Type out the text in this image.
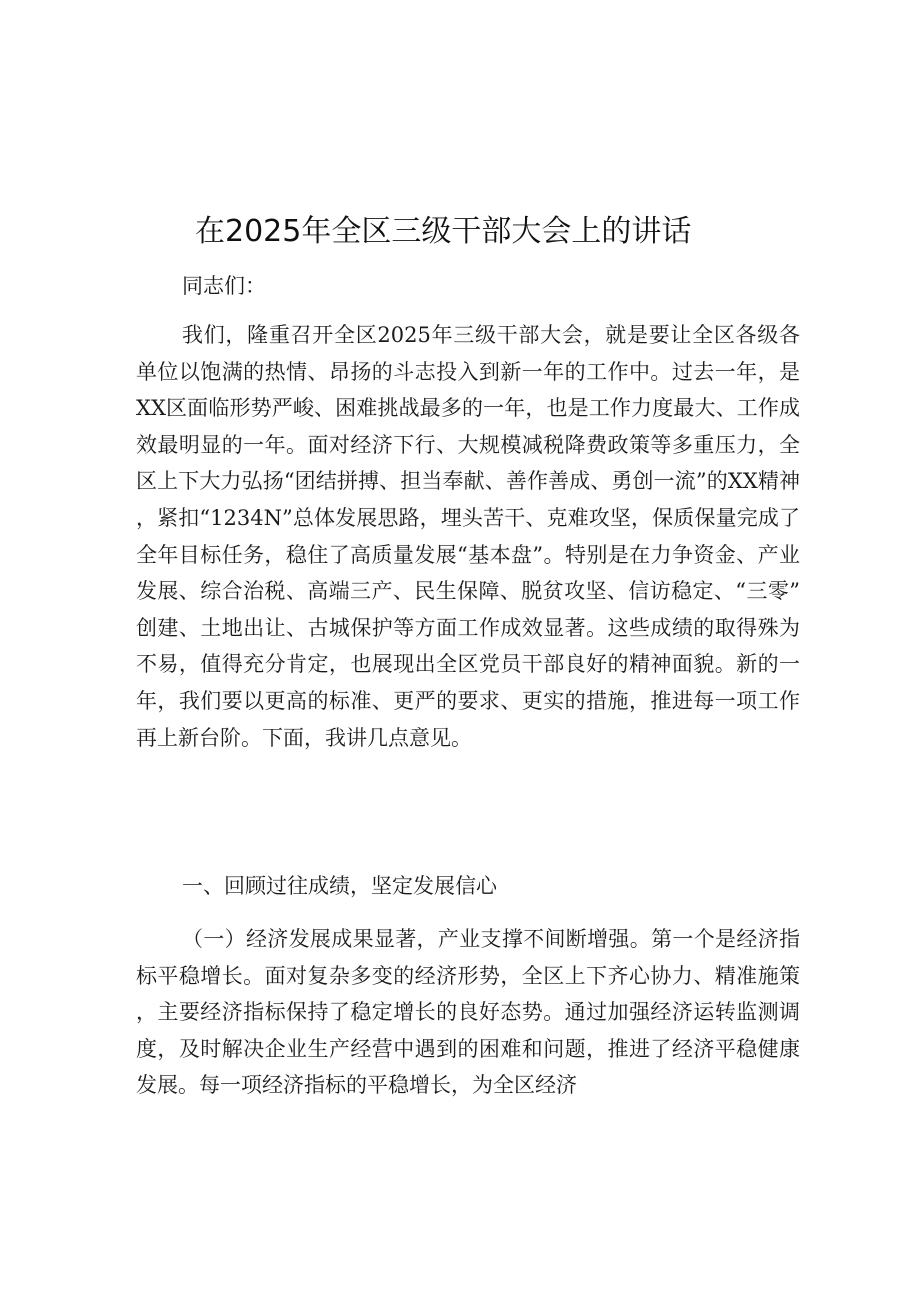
在2025年全区三级干部大会上的讲话

同志们：

我们，隆重召开全区2025年三级干部大会，就是要让全区各级各单位以饱满的热情、昂扬的斗志投入到新一年的工作中。过去一年，是XX区面临形势严峻、困难挑战最多的一年，也是工作力度最大、工作成效最明显的一年。面对经济下行、大规模减税降费政策等多重压力，全区上下大力弘扬“团结拼搏、担当奉献、善作善成、勇创一流”的XX精神，紧扣“1234N”总体发展思路，埋头苦干、克难攻坚，保质保量完成了全年目标任务，稳住了高质量发展“基本盘”。特别是在力争资金、产业发展、综合治税、高端三产、民生保障、脱贫攻坚、信访稳定、“三零”创建、土地出让、古城保护等方面工作成效显著。这些成绩的取得殊为不易，值得充分肯定，也展现出全区党员干部良好的精神面貌。新的一年，我们要以更高的标准、更严的要求、更实的措施，推进每一项工作再上新台阶。下面，我讲几点意见。

一、回顾过往成绩，坚定发展信心

（一）经济发展成果显著，产业支撑不间断增强。第一个是经济指标平稳增长。面对复杂多变的经济形势，全区上下齐心协力、精准施策，主要经济指标保持了稳定增长的良好态势。通过加强经济运转监测调度，及时解决企业生产经营中遇到的困难和问题，推进了经济平稳健康发展。每一项经济指标的平稳增长，为全区经济
